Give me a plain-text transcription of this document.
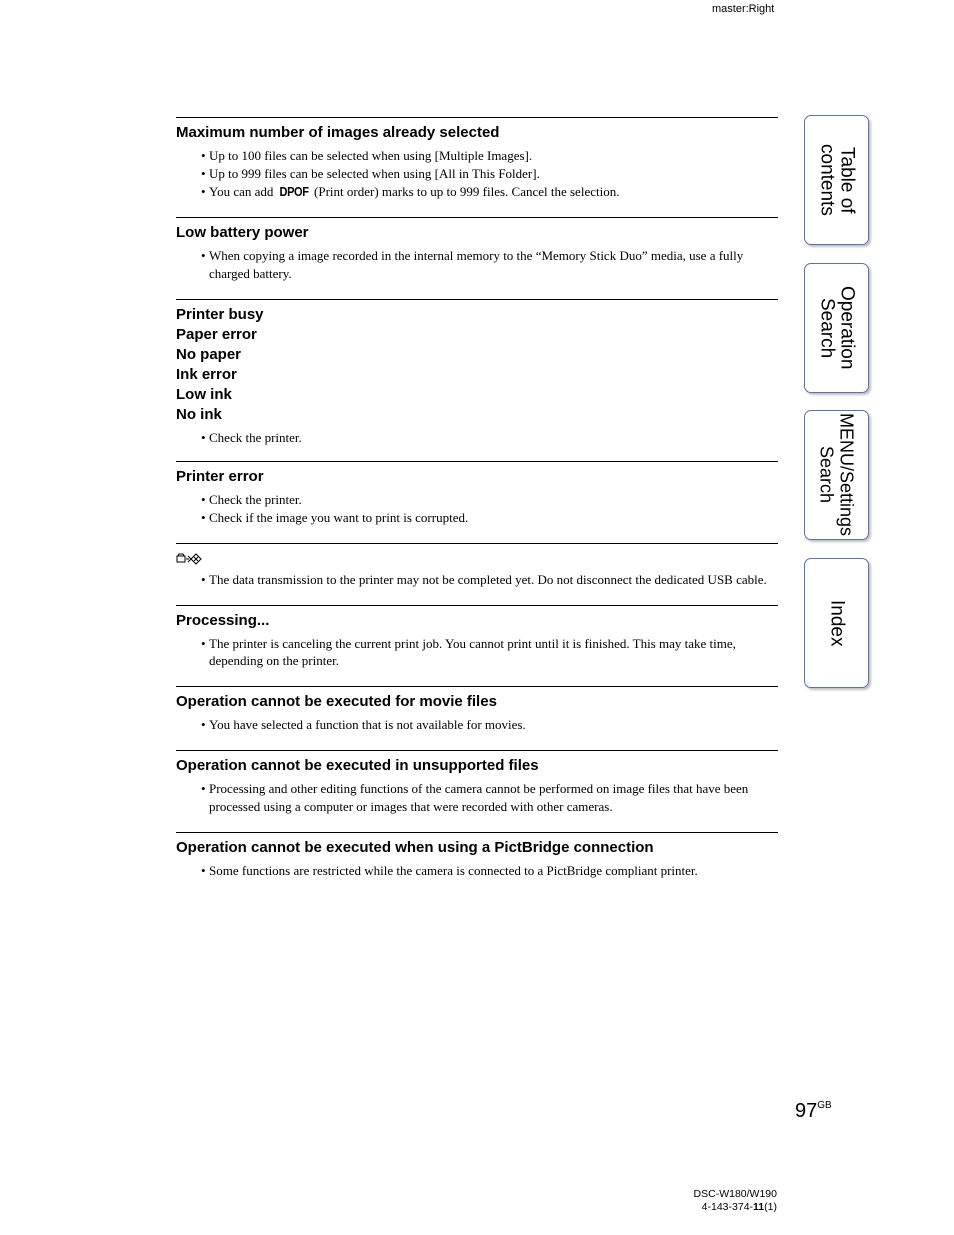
master:Right
Maximum number of images already selected
• Up to 100 files can be selected when using [Multiple Images].
• Up to 999 files can be selected when using [All in This Folder].
• You can add DPOF (Print order) marks to up to 999 files. Cancel the selection.
Low battery power
• When copying a image recorded in the internal memory to the “Memory Stick Duo” media, use a fully charged battery.
Printer busy
Paper error
No paper
Ink error
Low ink
No ink
• Check the printer.
Printer error
• Check the printer.
• Check if the image you want to print is corrupted.
• The data transmission to the printer may not be completed yet. Do not disconnect the dedicated USB cable.
Processing...
• The printer is canceling the current print job. You cannot print until it is finished. This may take time, depending on the printer.
Operation cannot be executed for movie files
• You have selected a function that is not available for movies.
Operation cannot be executed in unsupported files
• Processing and other editing functions of the camera cannot be performed on image files that have been processed using a computer or images that were recorded with other cameras.
Operation cannot be executed when using a PictBridge connection
• Some functions are restricted while the camera is connected to a PictBridge compliant printer.
Table of
contents
Operation
Search
MENU/Settings
Search
Index
$97^{GB}$
DSC-W180/W190
4-143-374-11(1)
